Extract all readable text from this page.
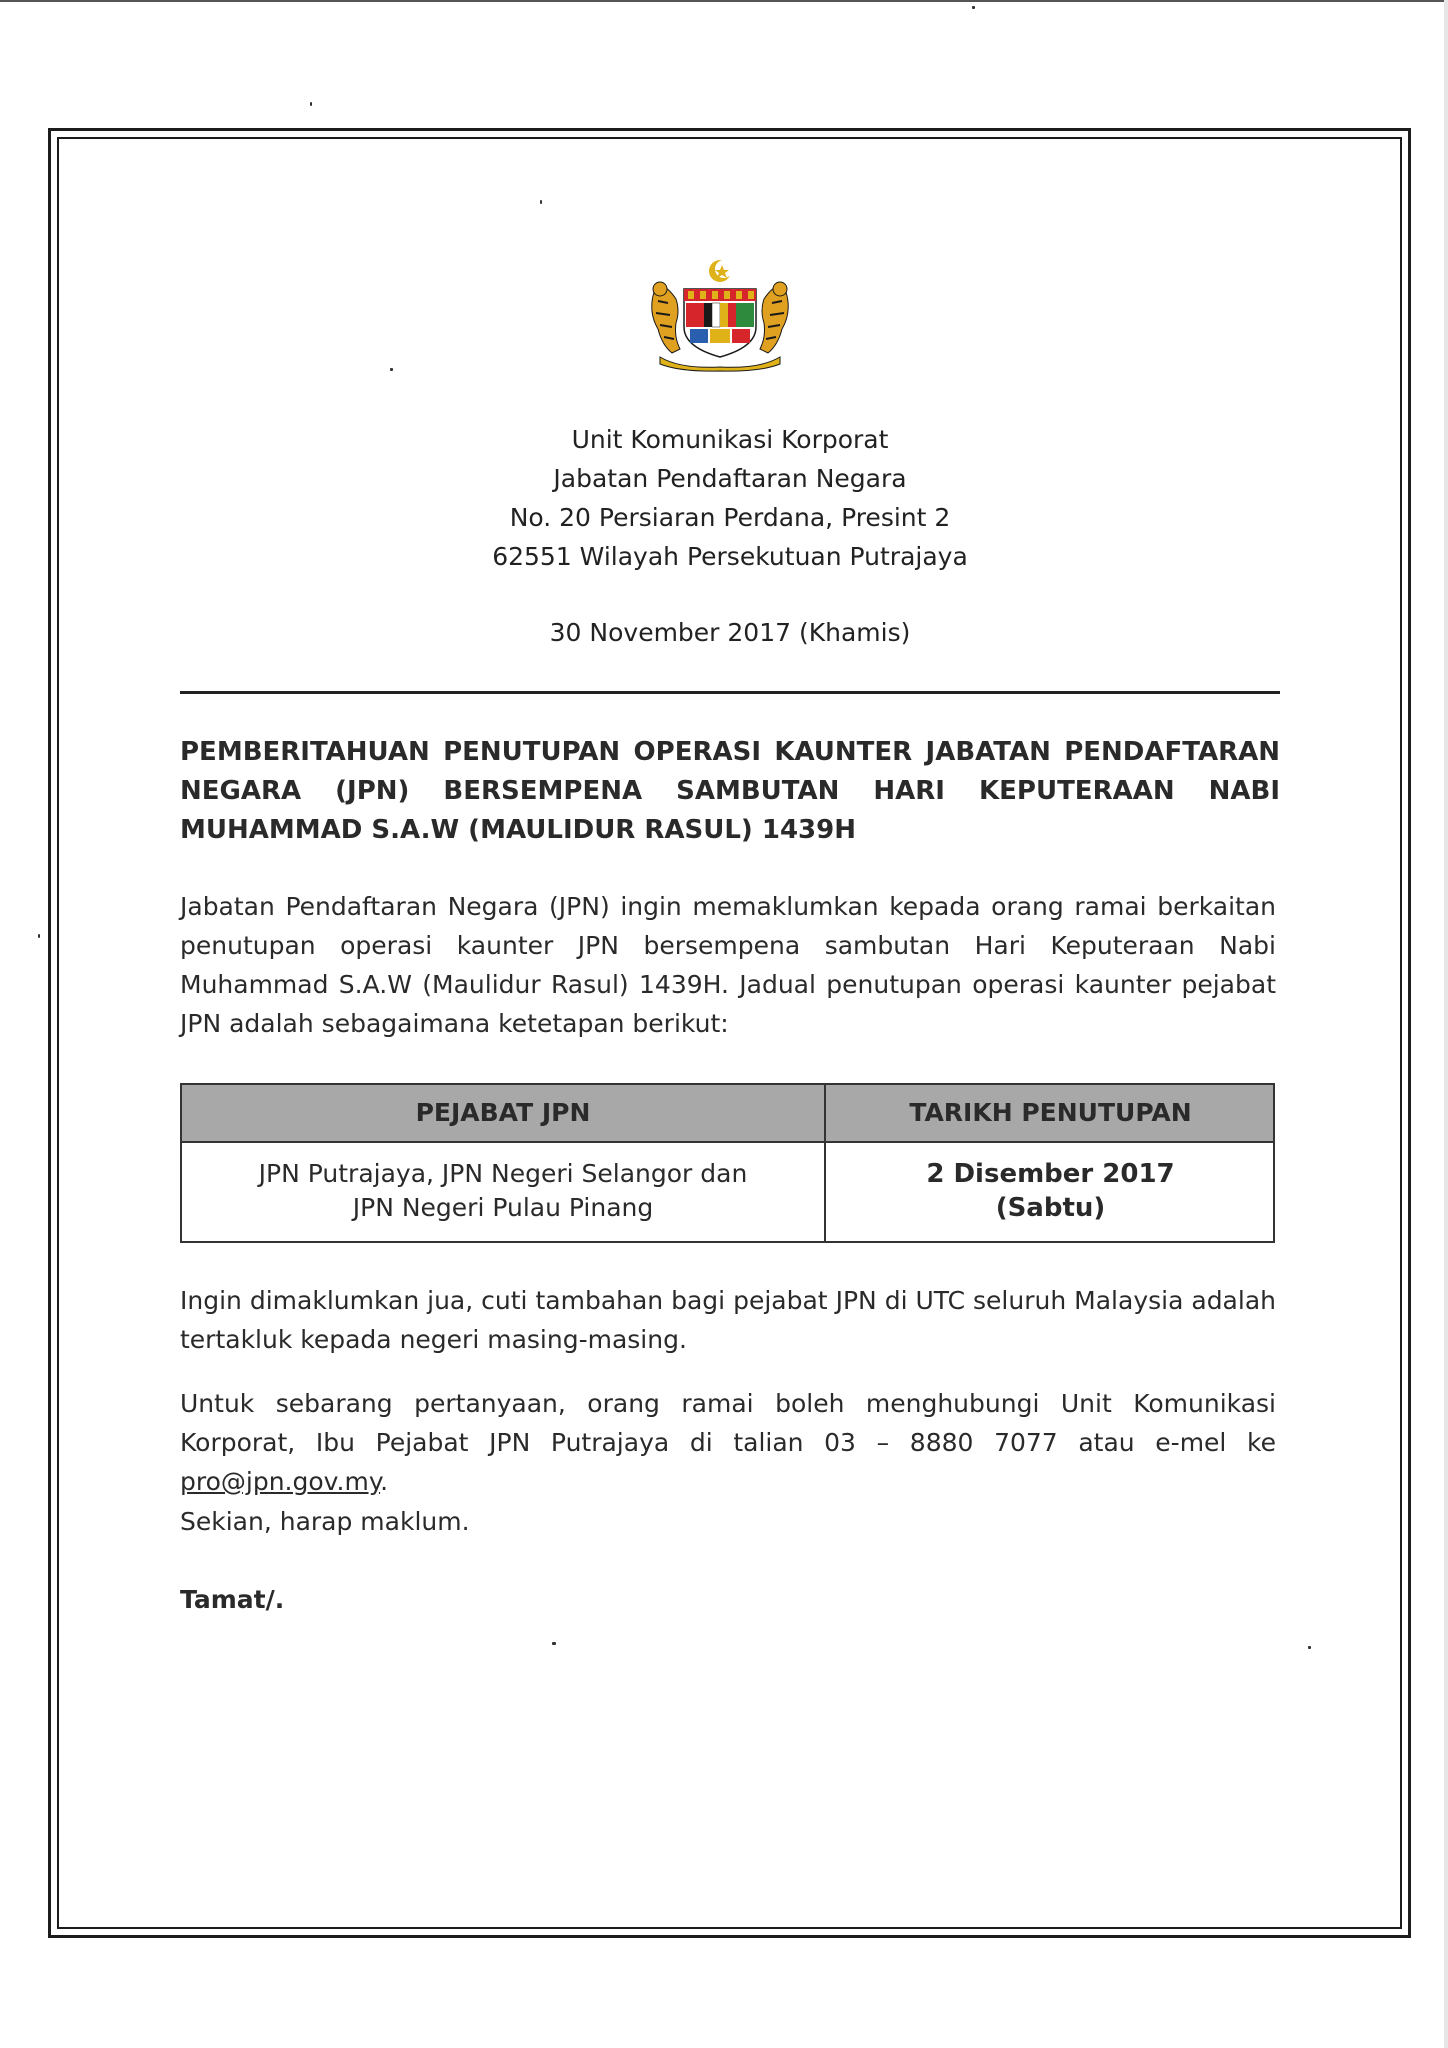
Unit Komunikasi Korporat
Jabatan Pendaftaran Negara
No. 20 Persiaran Perdana, Presint 2
62551 Wilayah Persekutuan Putrajaya
30 November 2017 (Khamis)
PEMBERITAHUAN PENUTUPAN OPERASI KAUNTER JABATAN PENDAFTARAN NEGARA (JPN) BERSEMPENA SAMBUTAN HARI KEPUTERAAN NABI MUHAMMAD S.A.W (MAULIDUR RASUL) 1439H
Jabatan Pendaftaran Negara (JPN) ingin memaklumkan kepada orang ramai berkaitan penutupan operasi kaunter JPN bersempena sambutan Hari Keputeraan Nabi Muhammad S.A.W (Maulidur Rasul) 1439H. Jadual penutupan operasi kaunter pejabat JPN adalah sebagaimana ketetapan berikut:
PEJABAT JPN	TARIKH PENUTUPAN
JPN Putrajaya, JPN Negeri Selangor dan
JPN Negeri Pulau Pinang
2 Disember 2017
(Sabtu)
Ingin dimaklumkan jua, cuti tambahan bagi pejabat JPN di UTC seluruh Malaysia adalah tertakluk kepada negeri masing-masing.
Untuk sebarang pertanyaan, orang ramai boleh menghubungi Unit Komunikasi Korporat, Ibu Pejabat JPN Putrajaya di talian 03 – 8880 7077 atau e-mel ke pro@jpn.gov.my.
Sekian, harap maklum.
Tamat/.
